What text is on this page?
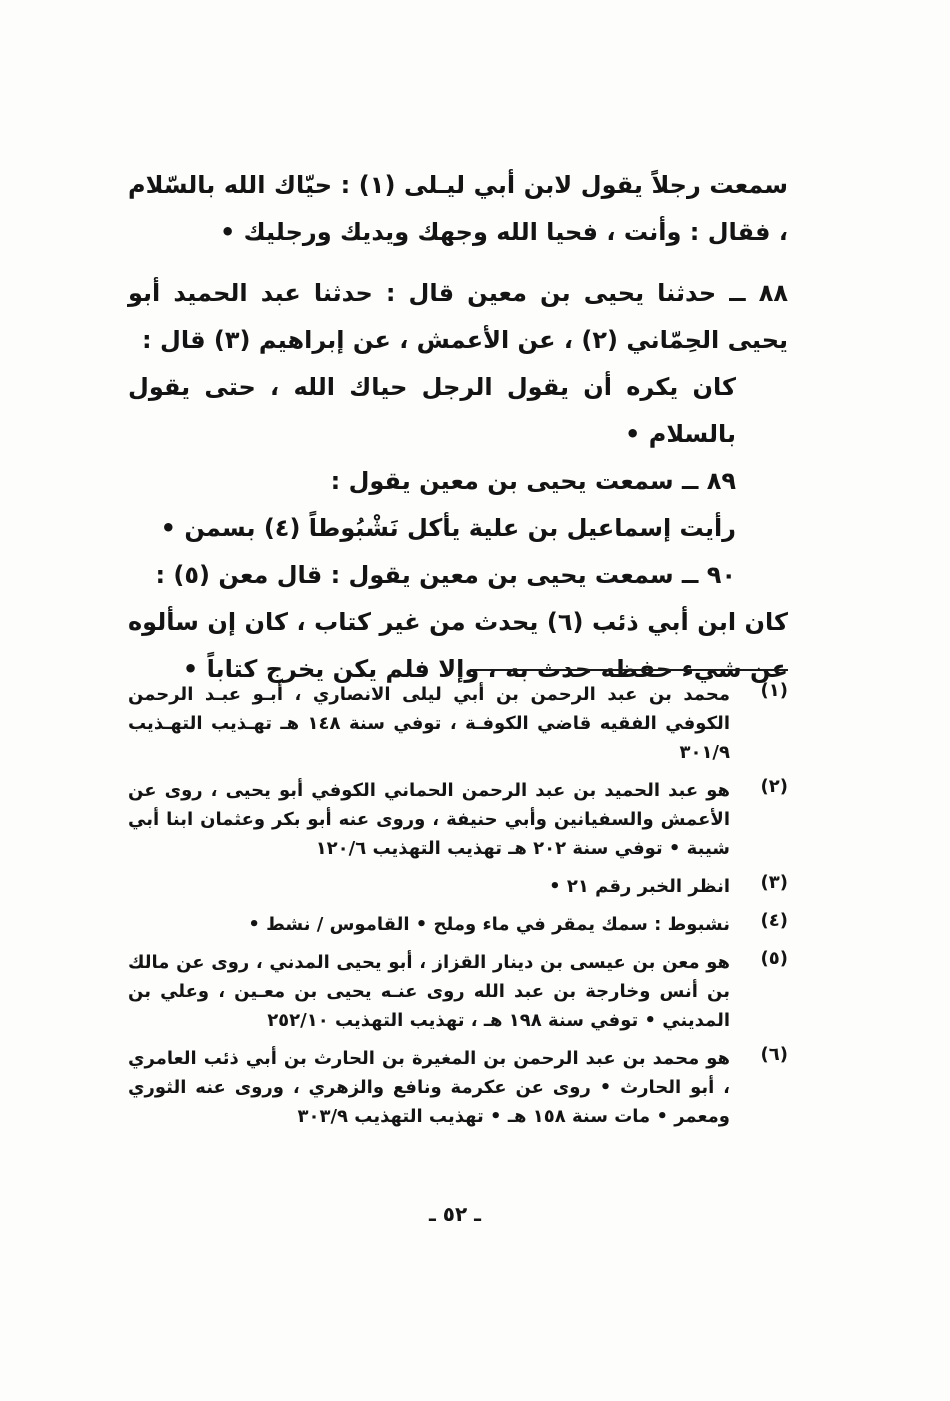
سمعت رجلاً يقول لابن أبي ليـلى (١) : حيّاك الله بالسّلام ، فقال : وأنت ، فحيا الله وجهك ويديك ورجليك •

٨٨ ــ حدثنا يحيى بن معين قال : حدثنا عبد الحميد أبو يحيى الحِمّاني (٢) ، عن الأعمش ، عن إبراهيم (٣) قال :

كان يكره أن يقول الرجل حياك الله ، حتى يقول بالسلام •

٨٩ ــ سمعت يحيى بن معين يقول :

رأيت إسماعيل بن علية يأكل نَشْبُوطاً (٤) بسمن •

٩٠ ــ سمعت يحيى بن معين يقول : قال معن (٥) :

كان ابن أبي ذئب (٦) يحدث من غير كتاب ، كان إن سألوه عن شيء حفظه حدث به ، وإلا فلم يكن يخرج كتاباً •

(١)
محمد بن عبد الرحمن بن أبي ليلى الانصاري ، أبـو عبـد الرحمن الكوفي الفقيه قاضي الكوفـة ، توفي سنة ١٤٨ هـ تهـذيب التهـذيب ٣٠١/٩
(٢)
هو عبد الحميد بن عبد الرحمن الحماني الكوفي أبو يحيى ، روى عن الأعمش والسفيانين وأبي حنيفة ، وروى عنه أبو بكر وعثمان ابنا أبي شيبة • توفي سنة ٢٠٢ هـ تهذيب التهذيب ١٢٠/٦
(٣)
انظر الخبر رقم ٢١ •
(٤)
نشبوط : سمك يمقر في ماء وملح • القاموس / نشط •
(٥)
هو معن بن عيسى بن دينار القزاز ، أبو يحيى المدني ، روى عن مالك بن أنس وخارجة بن عبد الله روى عنـه يحيى بن معـين ، وعلي بن المديني • توفي سنة ١٩٨ هـ ، تهذيب التهذيب ٢٥٢/١٠
(٦)
هو محمد بن عبد الرحمن بن المغيرة بن الحارث بن أبي ذئب العامري ، أبو الحارث • روى عن عكرمة ونافع والزهري ، وروى عنه الثوري ومعمر • مات سنة ١٥٨ هـ • تهذيب التهذيب ٣٠٣/٩
ـ ٥٢ ـ
